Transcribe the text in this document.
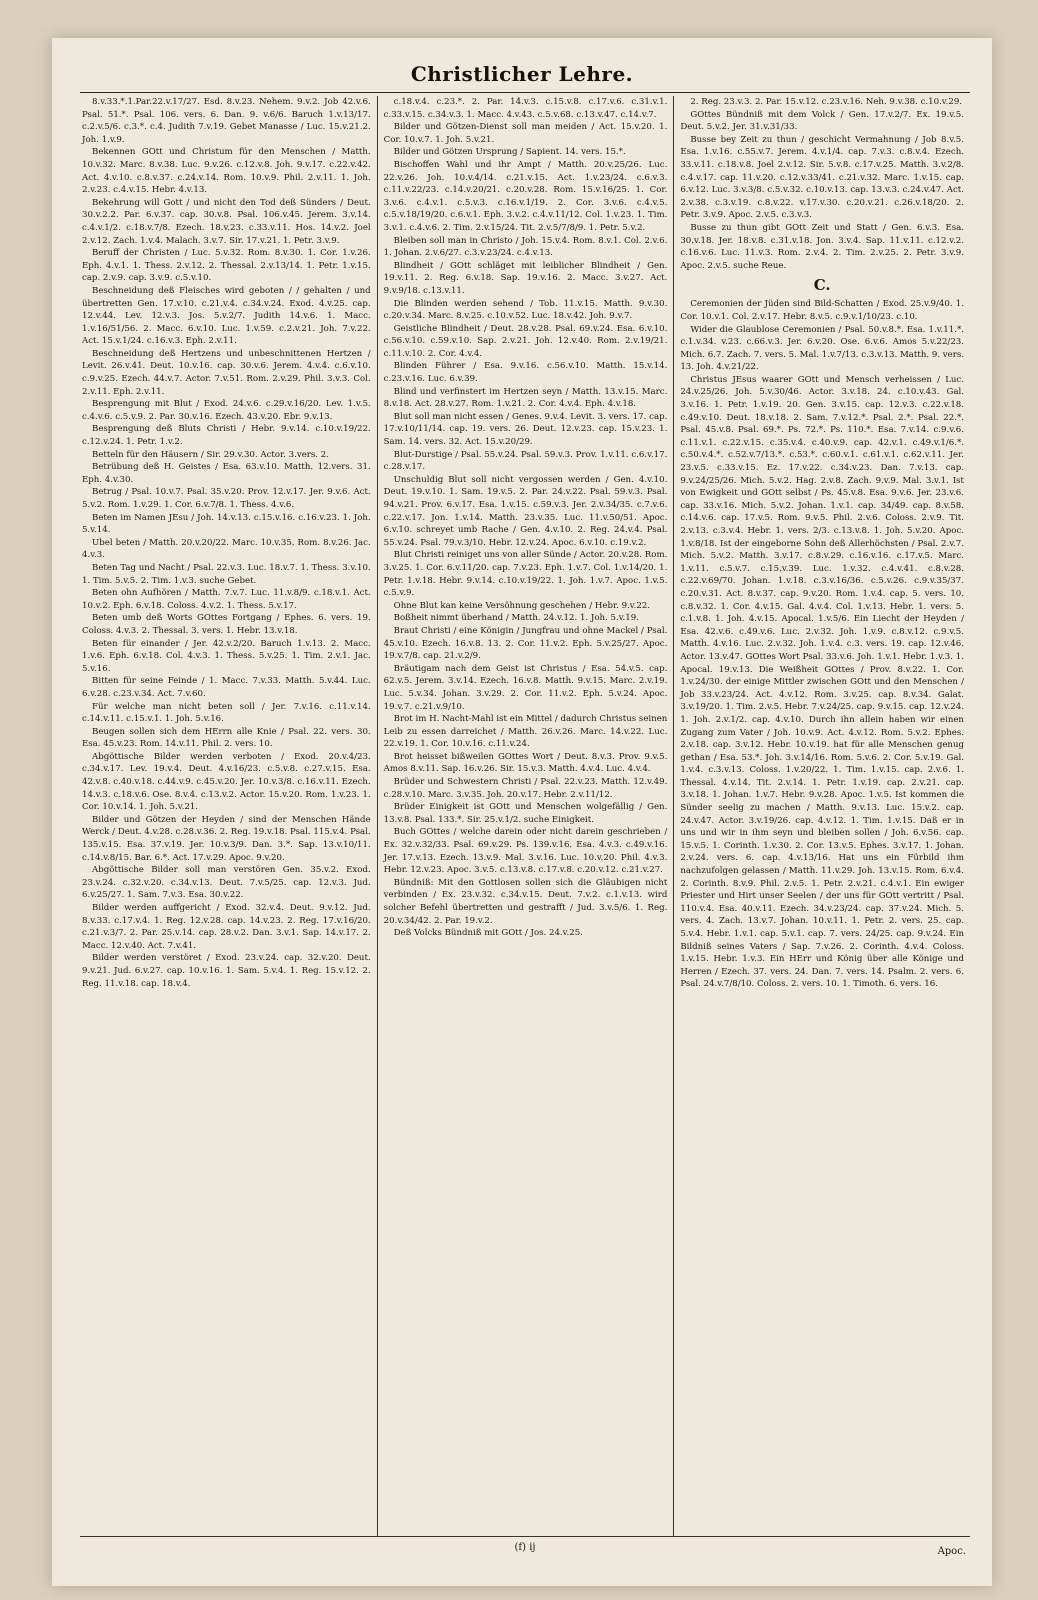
Christlicher Lehre.

8.v.33.*.1.Par.22.v.17/27. Esd. 8.v.23. Nehem. 9.v.2. Job 42.v.6. Psal. 51.*. Psal. 106. vers. 6. Dan. 9. v.6/6. Baruch 1.v.13/17. c.2.v.5/6. c.3.*. c.4. Judith 7.v.19. Gebet Manasse / Luc. 15.v.21.2. Joh. 1.v.9.

Bekennen GOtt und Christum für den Menschen / Matth. 10.v.32. Marc. 8.v.38. Luc. 9.v.26. c.12.v.8. Joh. 9.v.17. c.22.v.42. Act. 4.v.10. c.8.v.37. c.24.v.14. Rom. 10.v.9. Phil. 2.v.11. 1. Joh. 2.v.23. c.4.v.15. Hebr. 4.v.13.

Bekehrung will Gott / und nicht den Tod deß Sünders / Deut. 30.v.2.2. Par. 6.v.37. cap. 30.v.8. Psal. 106.v.45. Jerem. 3.v.14. c.4.v.1/2. c.18.v.7/8. Ezech. 18.v.23. c.33.v.11. Hos. 14.v.2. Joel 2.v.12. Zach. 1.v.4. Malach. 3.v.7. Sir. 17.v.21. 1. Petr. 3.v.9.

Beruff der Christen / Luc. 5.v.32. Rom. 8.v.30. 1. Cor. 1.v.26. Eph. 4.v.1. 1. Thess. 2.v.12. 2. Thessal. 2.v.13/14. 1. Petr. 1.v.15. cap. 2.v.9. cap. 3.v.9. c.5.v.10.

Beschneidung deß Fleisches wird geboten / / gehalten / und übertretten Gen. 17.v.10. c.21.v.4. c.34.v.24. Exod. 4.v.25. cap. 12.v.44. Lev. 12.v.3. Jos. 5.v.2/7. Judith 14.v.6. 1. Macc. 1.v.16/51/56. 2. Macc. 6.v.10. Luc. 1.v.59. c.2.v.21. Joh. 7.v.22. Act. 15.v.1/24. c.16.v.3. Eph. 2.v.11.

Beschneidung deß Hertzens und unbeschnittenen Hertzen / Levit. 26.v.41. Deut. 10.v.16. cap. 30.v.6. Jerem. 4.v.4. c.6.v.10. c.9.v.25. Ezech. 44.v.7. Actor. 7.v.51. Rom. 2.v.29. Phil. 3.v.3. Col. 2.v.11. Eph. 2.v.11.

Besprengung mit Blut / Exod. 24.v.6. c.29.v.16/20. Lev. 1.v.5. c.4.v.6. c.5.v.9. 2. Par. 30.v.16. Ezech. 43.v.20. Ebr. 9.v.13.

Besprengung deß Bluts Christi / Hebr. 9.v.14. c.10.v.19/22. c.12.v.24. 1. Petr. 1.v.2.

Betteln für den Häusern / Sir. 29.v.30. Actor. 3.vers. 2.

Betrübung deß H. Geistes / Esa. 63.v.10. Matth. 12.vers. 31. Eph. 4.v.30.

Betrug / Psal. 10.v.7. Psal. 35.v.20. Prov. 12.v.17. Jer. 9.v.6. Act. 5.v.2. Rom. 1.v.29. 1. Cor. 6.v.7/8. 1. Thess. 4.v.6.

Beten im Namen JEsu / Joh. 14.v.13. c.15.v.16. c.16.v.23. 1. Joh. 5.v.14.

Ubel beten / Matth. 20.v.20/22. Marc. 10.v.35. Rom. 8.v.26. Jac. 4.v.3.

Beten Tag und Nacht / Psal. 22.v.3. Luc. 18.v.7. 1. Thess. 3.v.10. 1. Tim. 5.v.5. 2. Tim. 1.v.3. suche Gebet.

Beten ohn Aufhören / Matth. 7.v.7. Luc. 11.v.8/9. c.18.v.1. Act. 10.v.2. Eph. 6.v.18. Coloss. 4.v.2. 1. Thess. 5.v.17.

Beten umb deß Worts GOttes Fortgang / Ephes. 6. vers. 19. Coloss. 4.v.3. 2. Thessal. 3. vers. 1. Hebr. 13.v.18.

Beten für einander / Jer. 42.v.2/20. Baruch 1.v.13. 2. Macc. 1.v.6. Eph. 6.v.18. Col. 4.v.3. 1. Thess. 5.v.25. 1. Tim. 2.v.1. Jac. 5.v.16.

Bitten für seine Feinde / 1. Macc. 7.v.33. Matth. 5.v.44. Luc. 6.v.28. c.23.v.34. Act. 7.v.60.

Für welche man nicht beten soll / Jer. 7.v.16. c.11.v.14. c.14.v.11. c.15.v.1. 1. Joh. 5.v.16.

Beugen sollen sich dem HErrn alle Knie / Psal. 22. vers. 30. Esa. 45.v.23. Rom. 14.v.11. Phil. 2. vers. 10.

Abgöttische Bilder werden verboten / Exod. 20.v.4/23. c.34.v.17. Lev. 19.v.4. Deut. 4.v.16/23. c.5.v.8. c.27.v.15. Esa. 42.v.8. c.40.v.18. c.44.v.9. c.45.v.20. Jer. 10.v.3/8. c.16.v.11. Ezech. 14.v.3. c.18.v.6. Ose. 8.v.4. c.13.v.2. Actor. 15.v.20. Rom. 1.v.23. 1. Cor. 10.v.14. 1. Joh. 5.v.21.

Bilder und Götzen der Heyden / sind der Menschen Hände Werck / Deut. 4.v.28. c.28.v.36. 2. Reg. 19.v.18. Psal. 115.v.4. Psal. 135.v.15. Esa. 37.v.19. Jer. 10.v.3/9. Dan. 3.*. Sap. 13.v.10/11. c.14.v.8/15. Bar. 6.*. Act. 17.v.29. Apoc. 9.v.20.

Abgöttische Bilder soll man verstören Gen. 35.v.2. Exod. 23.v.24. c.32.v.20. c.34.v.13. Deut. 7.v.5/25. cap. 12.v.3. Jud. 6.v.25/27. 1. Sam. 7.v.3. Esa. 30.v.22.

Bilder werden auffgericht / Exod. 32.v.4. Deut. 9.v.12. Jud. 8.v.33. c.17.v.4. 1. Reg. 12.v.28. cap. 14.v.23. 2. Reg. 17.v.16/20. c.21.v.3/7. 2. Par. 25.v.14. cap. 28.v.2. Dan. 3.v.1. Sap. 14.v.17. 2. Macc. 12.v.40. Act. 7.v.41.

Bilder werden verstöret / Exod. 23.v.24. cap. 32.v.20. Deut. 9.v.21. Jud. 6.v.27. cap. 10.v.16. 1. Sam. 5.v.4. 1. Reg. 15.v.12. 2. Reg. 11.v.18. cap. 18.v.4.

c.18.v.4. c.23.*. 2. Par. 14.v.3. c.15.v.8. c.17.v.6. c.31.v.1. c.33.v.15. c.34.v.3. 1. Macc. 4.v.43. c.5.v.68. c.13.v.47. c.14.v.7.

Bilder und Götzen-Dienst soll man meiden / Act. 15.v.20. 1. Cor. 10.v.7. 1. Joh. 5.v.21.

Bilder und Götzen Ursprung / Sapient. 14. vers. 15.*.

Bischoffen Wahl und ihr Ampt / Matth. 20.v.25/26. Luc. 22.v.26. Joh. 10.v.4/14. c.21.v.15. Act. 1.v.23/24. c.6.v.3. c.11.v.22/23. c.14.v.20/21. c.20.v.28. Rom. 15.v.16/25. 1. Cor. 3.v.6. c.4.v.1. c.5.v.3. c.16.v.1/19. 2. Cor. 3.v.6. c.4.v.5. c.5.v.18/19/20. c.6.v.1. Eph. 3.v.2. c.4.v.11/12. Col. 1.v.23. 1. Tim. 3.v.1. c.4.v.6. 2. Tim. 2.v.15/24. Tit. 2.v.5/7/8/9. 1. Petr. 5.v.2.

Bleiben soll man in Christo / Joh. 15.v.4. Rom. 8.v.1. Col. 2.v.6. 1. Johan. 2.v.6/27. c.3.v.23/24. c.4.v.13.

Blindheit / GOtt schläget mit leiblicher Blindheit / Gen. 19.v.11. 2. Reg. 6.v.18. Sap. 19.v.16. 2. Macc. 3.v.27. Act. 9.v.9/18. c.13.v.11.

Die Blinden werden sehend / Tob. 11.v.15. Matth. 9.v.30. c.20.v.34. Marc. 8.v.25. c.10.v.52. Luc. 18.v.42. Joh. 9.v.7.

Geistliche Blindheit / Deut. 28.v.28. Psal. 69.v.24. Esa. 6.v.10. c.56.v.10. c.59.v.10. Sap. 2.v.21. Joh. 12.v.40. Rom. 2.v.19/21. c.11.v.10. 2. Cor. 4.v.4.

Blinden Führer / Esa. 9.v.16. c.56.v.10. Matth. 15.v.14. c.23.v.16. Luc. 6.v.39.

Blind und verfinstert im Hertzen seyn / Matth. 13.v.15. Marc. 8.v.18. Act. 28.v.27. Rom. 1.v.21. 2. Cor. 4.v.4. Eph. 4.v.18.

Blut soll man nicht essen / Genes. 9.v.4. Levit. 3. vers. 17. cap. 17.v.10/11/14. cap. 19. vers. 26. Deut. 12.v.23. cap. 15.v.23. 1. Sam. 14. vers. 32. Act. 15.v.20/29.

Blut-Durstige / Psal. 55.v.24. Psal. 59.v.3. Prov. 1.v.11. c.6.v.17. c.28.v.17.

Unschuldig Blut soll nicht vergossen werden / Gen. 4.v.10. Deut. 19.v.10. 1. Sam. 19.v.5. 2. Par. 24.v.22. Psal. 59.v.3. Psal. 94.v.21. Prov. 6.v.17. Esa. 1.v.15. c.59.v.3. Jer. 2.v.34/35. c.7.v.6. c.22.v.17. Jon. 1.v.14. Matth. 23.v.35. Luc. 11.v.50/51. Apoc. 6.v.10. schreyet umb Rache / Gen. 4.v.10. 2. Reg. 24.v.4. Psal. 55.v.24. Psal. 79.v.3/10. Hebr. 12.v.24. Apoc. 6.v.10. c.19.v.2.

Blut Christi reiniget uns von aller Sünde / Actor. 20.v.28. Rom. 3.v.25. 1. Cor. 6.v.11/20. cap. 7.v.23. Eph. 1.v.7. Col. 1.v.14/20. 1. Petr. 1.v.18. Hebr. 9.v.14. c.10.v.19/22. 1. Joh. 1.v.7. Apoc. 1.v.5. c.5.v.9.

Ohne Blut kan keine Versöhnung geschehen / Hebr. 9.v.22.

Boßheit nimmt überhand / Matth. 24.v.12. 1. Joh. 5.v.19.

Braut Christi / eine Königin / Jungfrau und ohne Mackel / Psal. 45.v.10. Ezech. 16.v.8. 13. 2. Cor. 11.v.2. Eph. 5.v.25/27. Apoc. 19.v.7/8. cap. 21.v.2/9.

Bräutigam nach dem Geist ist Christus / Esa. 54.v.5. cap. 62.v.5. Jerem. 3.v.14. Ezech. 16.v.8. Matth. 9.v.15. Marc. 2.v.19. Luc. 5.v.34. Johan. 3.v.29. 2. Cor. 11.v.2. Eph. 5.v.24. Apoc. 19.v.7. c.21.v.9/10.

Brot im H. Nacht-Mahl ist ein Mittel / dadurch Christus seinen Leib zu essen darreichet / Matth. 26.v.26. Marc. 14.v.22. Luc. 22.v.19. 1. Cor. 10.v.16. c.11.v.24.

Brot heisset bißweilen GOttes Wort / Deut. 8.v.3. Prov. 9.v.5. Amos 8.v.11. Sap. 16.v.26. Sir. 15.v.3. Matth. 4.v.4. Luc. 4.v.4.

Brüder und Schwestern Christi / Psal. 22.v.23. Matth. 12.v.49. c.28.v.10. Marc. 3.v.35. Joh. 20.v.17. Hebr. 2.v.11/12.

Brüder Einigkeit ist GOtt und Menschen wolgefällig / Gen. 13.v.8. Psal. 133.*. Sir. 25.v.1/2. suche Einigkeit.

Buch GOttes / welche darein oder nicht darein geschrieben / Ex. 32.v.32/33. Psal. 69.v.29. Ps. 139.v.16. Esa. 4.v.3. c.49.v.16. Jer. 17.v.13. Ezech. 13.v.9. Mal. 3.v.16. Luc. 10.v.20. Phil. 4.v.3. Hebr. 12.v.23. Apoc. 3.v.5. c.13.v.8. c.17.v.8. c.20.v.12. c.21.v.27.

Bündniß: Mit den Gottlosen sollen sich die Gläubigen nicht verbinden / Ex. 23.v.32. c.34.v.15. Deut. 7.v.2. c.1.v.13. wird solcher Befehl übertretten und gestrafft / Jud. 3.v.5/6. 1. Reg. 20.v.34/42. 2. Par. 19.v.2.

Deß Volcks Bündniß mit GOtt / Jos. 24.v.25.

2. Reg. 23.v.3. 2. Par. 15.v.12. c.23.v.16. Neh. 9.v.38. c.10.v.29.

GOttes Bündniß mit dem Volck / Gen. 17.v.2/7. Ex. 19.v.5. Deut. 5.v.2. Jer. 31.v.31/33.

Busse bey Zeit zu thun / geschicht Vermahnung / Job 8.v.5. Esa. 1.v.16. c.55.v.7. Jerem. 4.v.1/4. cap. 7.v.3. c.8.v.4. Ezech. 33.v.11. c.18.v.8. Joel 2.v.12. Sir. 5.v.8. c.17.v.25. Matth. 3.v.2/8. c.4.v.17. cap. 11.v.20. c.12.v.33/41. c.21.v.32. Marc. 1.v.15. cap. 6.v.12. Luc. 3.v.3/8. c.5.v.32. c.10.v.13. cap. 13.v.3. c.24.v.47. Act. 2.v.38. c.3.v.19. c.8.v.22. v.17.v.30. c.20.v.21. c.26.v.18/20. 2. Petr. 3.v.9. Apoc. 2.v.5. c.3.v.3.

Busse zu thun gibt GOtt Zeit und Statt / Gen. 6.v.3. Esa. 30.v.18. Jer. 18.v.8. c.31.v.18. Jon. 3.v.4. Sap. 11.v.11. c.12.v.2. c.16.v.6. Luc. 11.v.3. Rom. 2.v.4. 2. Tim. 2.v.25. 2. Petr. 3.v.9. Apoc. 2.v.5. suche Reue.

C.

Ceremonien der Jüden sind Bild-Schatten / Exod. 25.v.9/40. 1. Cor. 10.v.1. Col. 2.v.17. Hebr. 8.v.5. c.9.v.1/10/23. c.10.

Wider die Glaublose Ceremonien / Psal. 50.v.8.*. Esa. 1.v.11.*. c.1.v.34. v.23. c.66.v.3. Jer. 6.v.20. Ose. 6.v.6. Amos 5.v.22/23. Mich. 6.7. Zach. 7. vers. 5. Mal. 1.v.7/13. c.3.v.13. Matth. 9. vers. 13. Joh. 4.v.21/22.

Christus JEsus waarer GOtt und Mensch verheissen / Luc. 24.v.25/26. Joh. 5.v.30/46. Actor. 3.v.18. 24. c.10.v.43. Gal. 3.v.16. 1. Petr. 1.v.19. 20. Gen. 3.v.15. cap. 12.v.3. c.22.v.18. c.49.v.10. Deut. 18.v.18. 2. Sam. 7.v.12.*. Psal. 2.*. Psal. 22.*. Psal. 45.v.8. Psal. 69.*. Ps. 72.*. Ps. 110.*. Esa. 7.v.14. c.9.v.6. c.11.v.1. c.22.v.15. c.35.v.4. c.40.v.9. cap. 42.v.1. c.49.v.1/6.*. c.50.v.4.*. c.52.v.7/13.*. c.53.*. c.60.v.1. c.61.v.1. c.62.v.11. Jer. 23.v.5. c.33.v.15. Ez. 17.v.22. c.34.v.23. Dan. 7.v.13. cap. 9.v.24/25/26. Mich. 5.v.2. Hag. 2.v.8. Zach. 9.v.9. Mal. 3.v.1. Ist von Ewigkeit und GOtt selbst / Ps. 45.v.8. Esa. 9.v.6. Jer. 23.v.6. cap. 33.v.16. Mich. 5.v.2. Johan. 1.v.1. cap. 34/49. cap. 8.v.58. c.14.v.6. cap. 17.v.5. Rom. 9.v.5. Phil. 2.v.6. Coloss. 2.v.9. Tit. 2.v.13. c.3.v.4. Hebr. 1. vers. 2/3. c.13.v.8. 1. Joh. 5.v.20. Apoc. 1.v.8/18. Ist der eingeborne Sohn deß Allerhöchsten / Psal. 2.v.7. Mich. 5.v.2. Matth. 3.v.17. c.8.v.29. c.16.v.16. c.17.v.5. Marc. 1.v.11. c.5.v.7. c.15.v.39. Luc. 1.v.32. c.4.v.41. c.8.v.28. c.22.v.69/70. Johan. 1.v.18. c.3.v.16/36. c.5.v.26. c.9.v.35/37. c.20.v.31. Act. 8.v.37. cap. 9.v.20. Rom. 1.v.4. cap. 5. vers. 10. c.8.v.32. 1. Cor. 4.v.15. Gal. 4.v.4. Col. 1.v.13. Hebr. 1. vers. 5. c.1.v.8. 1. Joh. 4.v.15. Apocal. 1.v.5/6. Ein Liecht der Heyden / Esa. 42.v.6. c.49.v.6. Luc. 2.v.32. Joh. 1.v.9. c.8.v.12. c.9.v.5. Matth. 4.v.16. Luc. 2.v.32. Joh. 1.v.4. c.3. vers. 19. cap. 12.v.46. Actor. 13.v.47. GOttes Wort Psal. 33.v.6. Joh. 1.v.1. Hebr. 1.v.3. 1. Apocal. 19.v.13. Die Weißheit GOttes / Prov. 8.v.22. 1. Cor. 1.v.24/30. der einige Mittler zwischen GOtt und den Menschen / Job 33.v.23/24. Act. 4.v.12. Rom. 3.v.25. cap. 8.v.34. Galat. 3.v.19/20. 1. Tim. 2.v.5. Hebr. 7.v.24/25. cap. 9.v.15. cap. 12.v.24. 1. Joh. 2.v.1/2. cap. 4.v.10. Durch ihn allein haben wir einen Zugang zum Vater / Joh. 10.v.9. Act. 4.v.12. Rom. 5.v.2. Ephes. 2.v.18. cap. 3.v.12. Hebr. 10.v.19. hat für alle Menschen genug gethan / Esa. 53.*. Joh. 3.v.14/16. Rom. 5.v.6. 2. Cor. 5.v.19. Gal. 1.v.4. c.3.v.13. Coloss. 1.v.20/22. 1. Tim. 1.v.15. cap. 2.v.6. 1. Thessal. 4.v.14. Tit. 2.v.14. 1. Petr. 1.v.19. cap. 2.v.21. cap. 3.v.18. 1. Johan. 1.v.7. Hebr. 9.v.28. Apoc. 1.v.5. Ist kommen die Sünder seelig zu machen / Matth. 9.v.13. Luc. 15.v.2. cap. 24.v.47. Actor. 3.v.19/26. cap. 4.v.12. 1. Tim. 1.v.15. Daß er in uns und wir in ihm seyn und bleiben sollen / Joh. 6.v.56. cap. 15.v.5. 1. Corinth. 1.v.30. 2. Cor. 13.v.5. Ephes. 3.v.17. 1. Johan. 2.v.24. vers. 6. cap. 4.v.13/16. Hat uns ein Fürbild ihm nachzufolgen gelassen / Matth. 11.v.29. Joh. 13.v.15. Rom. 6.v.4. 2. Corinth. 8.v.9. Phil. 2.v.5. 1. Petr. 2.v.21. c.4.v.1. Ein ewiger Priester und Hirt unser Seelen / der uns für GOtt vertritt / Psal. 110.v.4. Esa. 40.v.11. Ezech. 34.v.23/24. cap. 37.v.24. Mich. 5. vers. 4. Zach. 13.v.7. Johan. 10.v.11. 1. Petr. 2. vers. 25. cap. 5.v.4. Hebr. 1.v.1. cap. 5.v.1. cap. 7. vers. 24/25. cap. 9.v.24. Ein Bildniß seines Vaters / Sap. 7.v.26. 2. Corinth. 4.v.4. Coloss. 1.v.15. Hebr. 1.v.3. Ein HErr und König über alle Könige und Herren / Ezech. 37. vers. 24. Dan. 7. vers. 14. Psalm. 2. vers. 6. Psal. 24.v.7/8/10. Coloss. 2. vers. 10. 1. Timoth. 6. vers. 16.

(f) ij	Apoc.
